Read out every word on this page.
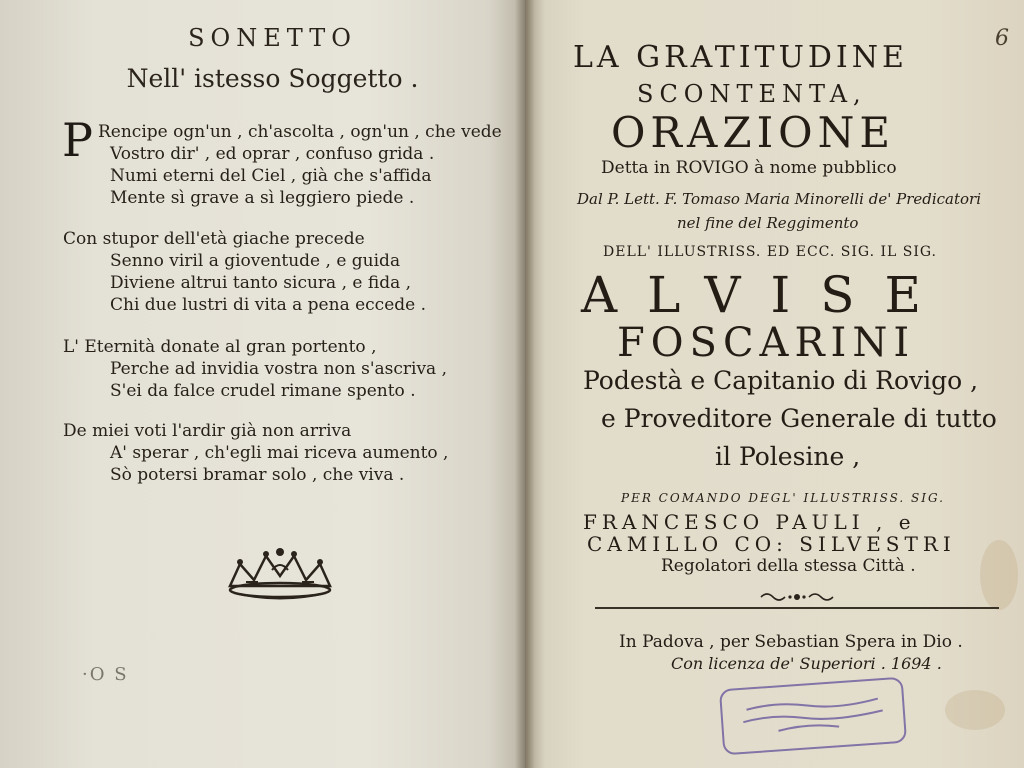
SONETTO
Nell' istesso Soggetto .
P Rencipe ogn'un , ch'ascolta , ogn'un , che vede
Vostro dir' , ed oprar , confuso grida .
Numi eterni del Ciel , già che s'affida
Mente sì grave a sì leggiero piede .
Con stupor dell'età giache precede
Senno viril a gioventude , e guida
Diviene altrui tanto sicura , e fida ,
Chi due lustri di vita a pena eccede .
L' Eternità donate al gran portento ,
Perche ad invidia vostra non s'ascriva ,
S'ei da falce crudel rimane spento .
De miei voti l'ardir già non arriva
A' sperar , ch'egli mai riceva aumento ,
Sò potersi bramar solo , che viva .
·O S
6
LA GRATITUDINE
SCONTENTA,
ORAZIONE
Detta in ROVIGO à nome pubblico
Dal P. Lett. F. Tomaso Maria Minorelli de' Predicatori
nel fine del Reggimento
DELL' ILLUSTRISS. ED ECC. SIG. IL SIG.
ALVISE
FOSCARINI
Podestà e Capitanio di Rovigo ,
e Proveditore Generale di tutto
il Polesine ,
PER COMANDO DEGL' ILLUSTRISS. SIG.
FRANCESCO PAULI , e
CAMILLO CO: SILVESTRI
Regolatori della stessa Città .
In Padova , per Sebastian Spera in Dio .
Con licenza de' Superiori . 1694 .
